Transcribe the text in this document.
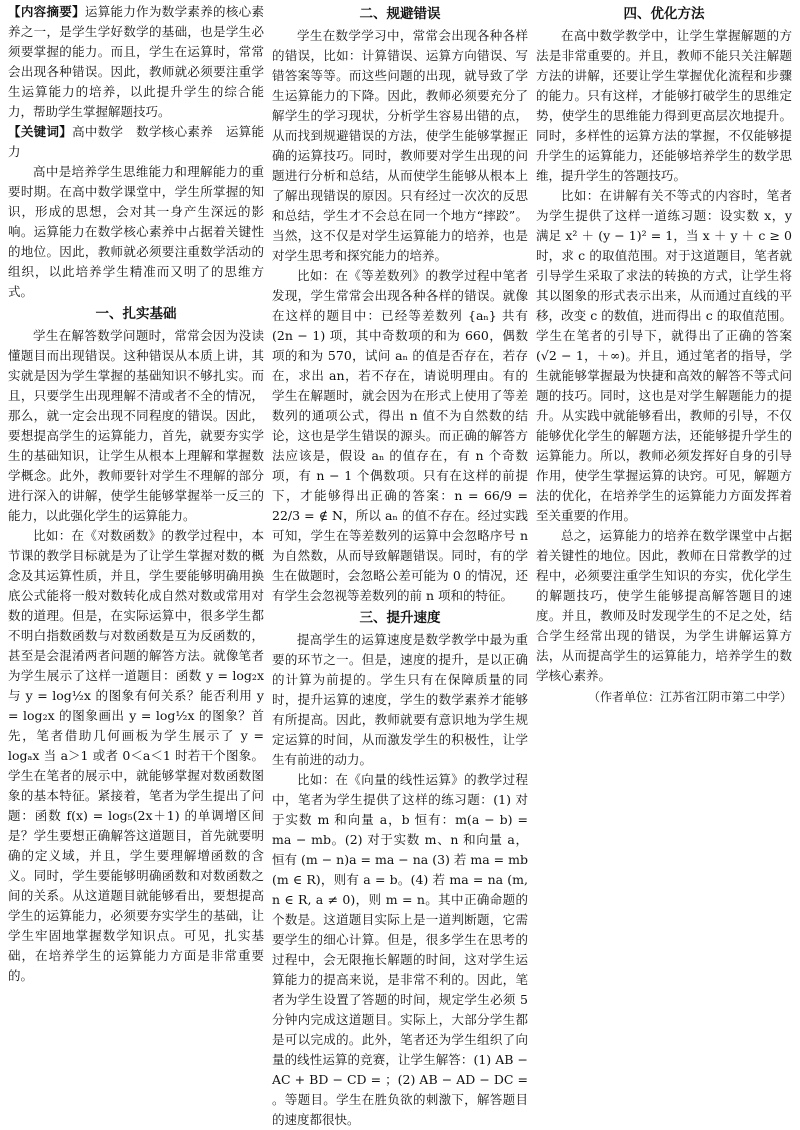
【内容摘要】运算能力作为数学素养的核心素养之一，是学生学好数学的基础，也是学生必须要掌握的能力。而且，学生在运算时，常常会出现各种错误。因此，教师就必须要注重学生运算能力的培养，以此提升学生的综合能力，帮助学生掌握解题技巧。

【关键词】高中数学　数学核心素养　运算能力

高中是培养学生思维能力和理解能力的重要时期。在高中数学课堂中，学生所掌握的知识，形成的思想，会对其一身产生深远的影响。运算能力在数学核心素养中占据着关键性的地位。因此，教师就必须要注重数学活动的组织，以此培养学生精准而又明了的思维方式。

一、扎实基础

学生在解答数学问题时，常常会因为没读懂题目而出现错误。这种错误从本质上讲，其实就是因为学生掌握的基础知识不够扎实。而且，只要学生出现理解不清或者不全的情况，那么，就一定会出现不同程度的错误。因此，要想提高学生的运算能力，首先，就要夯实学生的基础知识，让学生从根本上理解和掌握数学概念。此外，教师要针对学生不理解的部分进行深入的讲解，使学生能够掌握举一反三的能力，以此强化学生的运算能力。

比如：在《对数函数》的教学过程中，本节课的教学目标就是为了让学生掌握对数的概念及其运算性质，并且，学生要能够明确用换底公式能将一般对数转化成自然对数或常用对数的道理。但是，在实际运算中，很多学生都不明白指数函数与对数函数是互为反函数的，甚至是会混淆两者问题的解答方法。就像笔者为学生展示了这样一道题目：函数 y = log₂x 与 y = log½x 的图象有何关系？能否利用 y = log₂x 的图象画出 y = log½x 的图象？首先，笔者借助几何画板为学生展示了 y = logₐx 当 a＞1 或者 0＜a＜1 时若干个图象。学生在笔者的展示中，就能够掌握对数函数图象的基本特征。紧接着，笔者为学生提出了问题：函数 f(x) = log₅(2x＋1) 的单调增区间是？学生要想正确解答这道题目，首先就要明确的定义域，并且，学生要理解增函数的含义。同时，学生要能够明确函数和对数函数之间的关系。从这道题目就能够看出，要想提高学生的运算能力，必须要夯实学生的基础，让学生牢固地掌握数学知识点。可见，扎实基础，在培养学生的运算能力方面是非常重要的。

二、规避错误

学生在数学学习中，常常会出现各种各样的错误，比如：计算错误、运算方向错误、写错答案等等。而这些问题的出现，就导致了学生运算能力的下降。因此，教师必须要充分了解学生的学习现状，分析学生容易出错的点，从而找到规避错误的方法，使学生能够掌握正确的运算技巧。同时，教师要对学生出现的问题进行分析和总结，从而使学生能够从根本上了解出现错误的原因。只有经过一次次的反思和总结，学生才不会总在同一个地方“摔跤”。当然，这不仅是对学生运算能力的培养，也是对学生思考和探究能力的培养。

比如：在《等差数列》的教学过程中笔者发现，学生常常会出现各种各样的错误。就像在这样的题目中：已经等差数列 {aₙ} 共有 (2n − 1) 项，其中奇数项的和为 660，偶数项的和为 570，试问 aₙ 的值是否存在，若存在，求出 an，若不存在，请说明理由。有的学生在解题时，就会因为在形式上使用了等差数列的通项公式，得出 n 值不为自然数的结论，这也是学生错误的源头。而正确的解答方法应该是，假设 aₙ 的值存在，有 n 个奇数项，有 n − 1 个偶数项。只有在这样的前提下，才能够得出正确的答案：n = 66/9 = 22/3 = ∉ N，所以 aₙ 的值不存在。经过实践可知，学生在等差数列的运算中会忽略序号 n 为自然数，从而导致解题错误。同时，有的学生在做题时，会忽略公差可能为 0 的情况，还有学生会忽视等差数列的前 n 项和的特征。

三、提升速度

提高学生的运算速度是数学教学中最为重要的环节之一。但是，速度的提升，是以正确的计算为前提的。学生只有在保障质量的同时，提升运算的速度，学生的数学素养才能够有所提高。因此，教师就要有意识地为学生规定运算的时间，从而激发学生的积极性，让学生有前进的动力。

比如：在《向量的线性运算》的教学过程中，笔者为学生提供了这样的练习题：(1) 对于实数 m 和向量 a，b 恒有：m(a − b) = ma − mb。(2) 对于实数 m、n 和向量 a，恒有 (m − n)a = ma − na (3) 若 ma = mb (m ∈ R)，则有 a = b。(4) 若 ma = na (m, n ∈ R, a ≠ 0)，则 m = n。其中正确命题的个数是。这道题目实际上是一道判断题，它需要学生的细心计算。但是，很多学生在思考的过程中，会无限拖长解题的时间，这对学生运算能力的提高来说，是非常不利的。因此，笔者为学生设置了答题的时间，规定学生必须 5 分钟内完成这道题目。实际上，大部分学生都是可以完成的。此外，笔者还为学生组织了向量的线性运算的竞赛，让学生解答：(1) AB − AC + BD − CD = ；(2) AB − AD − DC = 。等题目。学生在胜负欲的刺激下，解答题目的速度都很快。

四、优化方法

在高中数学教学中，让学生掌握解题的方法是非常重要的。并且，教师不能只关注解题方法的讲解，还要让学生掌握优化流程和步骤的能力。只有这样，才能够打破学生的思维定势，使学生的思维能力得到更高层次地提升。同时，多样性的运算方法的掌握，不仅能够提升学生的运算能力，还能够培养学生的数学思维，提升学生的答题技巧。

比如：在讲解有关不等式的内容时，笔者为学生提供了这样一道练习题：设实数 x，y 满足 x² ＋ (y − 1)² = 1，当 x ＋ y ＋ c ≥ 0 时，求 c 的取值范围。对于这道题目，笔者就引导学生采取了求法的转换的方式，让学生将其以图象的形式表示出来，从而通过直线的平移，改变 c 的数值，进而得出 c 的取值范围。学生在笔者的引导下，就得出了正确的答案 (√2 − 1，＋∞)。并且，通过笔者的指导，学生就能够掌握最为快捷和高效的解答不等式问题的技巧。同时，这也是对学生解题能力的提升。从实践中就能够看出，教师的引导，不仅能够优化学生的解题方法，还能够提升学生的运算能力。所以，教师必须发挥好自身的引导作用，使学生掌握运算的诀窍。可见，解题方法的优化，在培养学生的运算能力方面发挥着至关重要的作用。

总之，运算能力的培养在数学课堂中占据着关键性的地位。因此，教师在日常教学的过程中，必须要注重学生知识的夯实，优化学生的解题技巧，使学生能够提高解答题目的速度。并且，教师及时发现学生的不足之处，结合学生经常出现的错误，为学生讲解运算方法，从而提高学生的运算能力，培养学生的数学核心素养。

（作者单位：江苏省江阴市第二中学）
